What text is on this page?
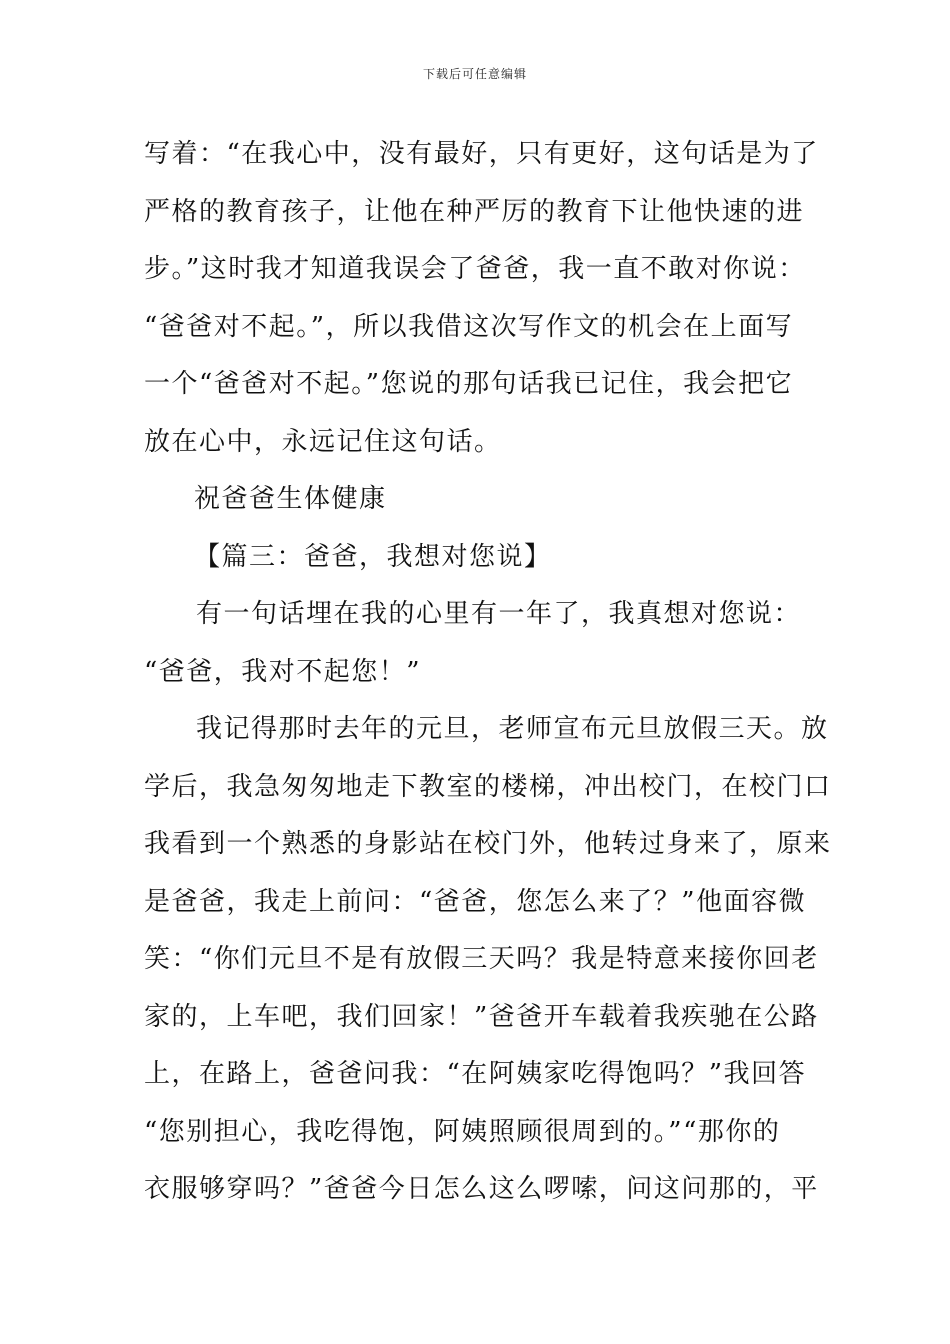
下载后可任意编辑
写着：“在我心中，没有最好，只有更好，这句话是为了
严格的教育孩子，让他在种严厉的教育下让他快速的进
步。”这时我才知道我误会了爸爸，我一直不敢对你说：
“爸爸对不起。”，所以我借这次写作文的机会在上面写
一个“爸爸对不起。”您说的那句话我已记住，我会把它
放在心中，永远记住这句话。
祝爸爸生体健康
【篇三：爸爸，我想对您说】
有一句话埋在我的心里有一年了，我真想对您说：
“爸爸，我对不起您！”
我记得那时去年的元旦，老师宣布元旦放假三天。放
学后，我急匆匆地走下教室的楼梯，冲出校门，在校门口
我看到一个熟悉的身影站在校门外，他转过身来了，原来
是爸爸，我走上前问：“爸爸，您怎么来了？”他面容微
笑：“你们元旦不是有放假三天吗？我是特意来接你回老
家的，上车吧，我们回家！”爸爸开车载着我疾驰在公路
上，在路上，爸爸问我：“在阿姨家吃得饱吗？”我回答
“您别担心，我吃得饱，阿姨照顾很周到的。”“那你的
衣服够穿吗？”爸爸今日怎么这么啰嗦，问这问那的，平
